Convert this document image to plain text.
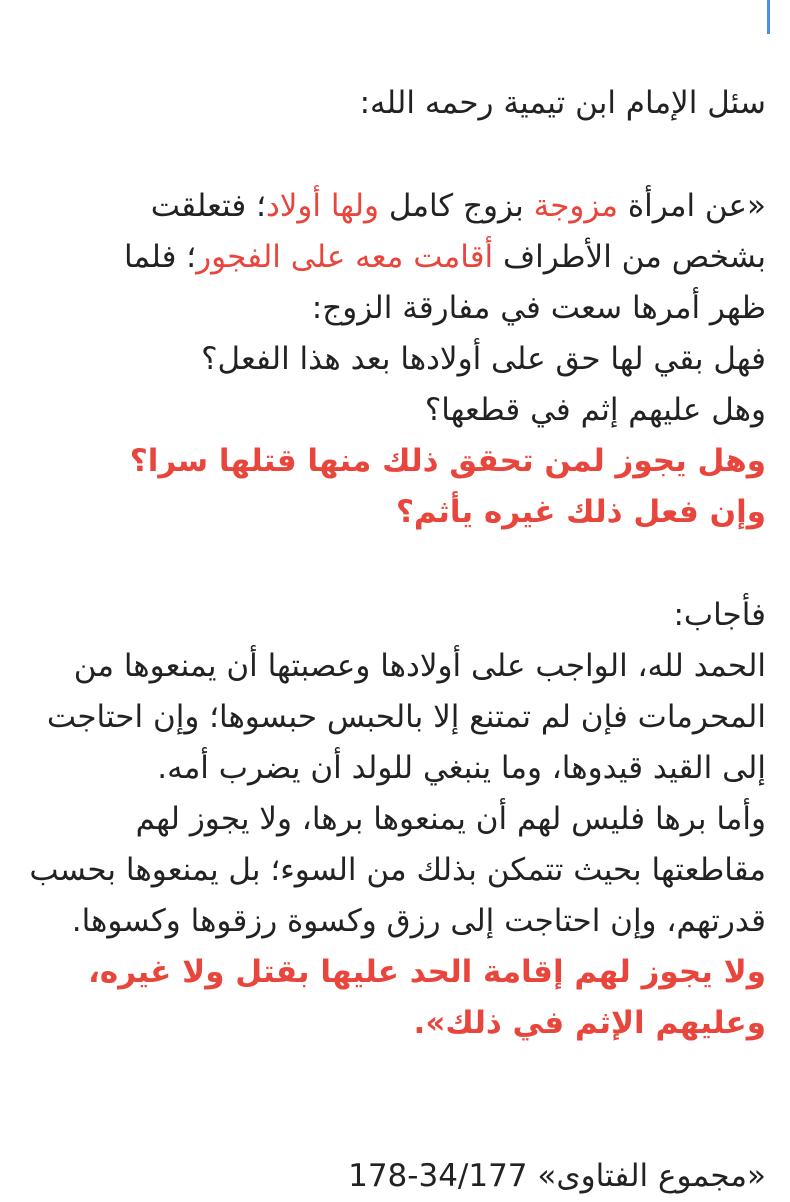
سئل الإمام ابن تيمية رحمه الله:

«عن امرأة مزوجة بزوج كامل ولها أولاد؛ فتعلقت

بشخص من الأطراف أقامت معه على الفجور؛ فلما

ظهر أمرها سعت في مفارقة الزوج:

فهل بقي لها حق على أولادها بعد هذا الفعل؟

وهل عليهم إثم في قطعها؟

وهل يجوز لمن تحقق ذلك منها قتلها سرا؟

وإن فعل ذلك غيره يأثم؟

فأجاب:

الحمد لله، الواجب على أولادها وعصبتها أن يمنعوها من المحرمات فإن لم تمتنع إلا بالحبس حبسوها؛ وإن احتاجت إلى القيد قيدوها، وما ينبغي للولد أن يضرب أمه.

وأما برها فليس لهم أن يمنعوها برها، ولا يجوز لهم مقاطعتها بحيث تتمكن بذلك من السوء؛ بل يمنعوها بحسب قدرتهم، وإن احتاجت إلى رزق وكسوة رزقوها وكسوها.

ولا يجوز لهم إقامة الحد عليها بقتل ولا غيره، وعليهم الإثم في ذلك».

«مجموع الفتاوى» 34/177-178
